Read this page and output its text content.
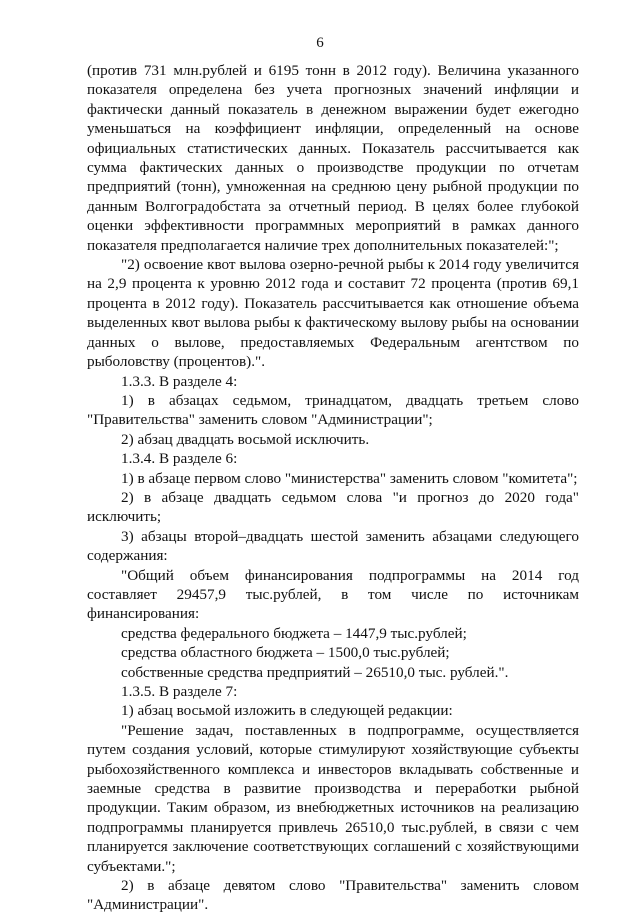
6

(против 731 млн.рублей и 6195 тонн в 2012 году). Величина указанного показателя определена без учета прогнозных значений инфляции и фактически данный показатель в денежном выражении будет ежегодно уменьшаться на коэффициент инфляции, определенный на основе официальных статистических данных. Показатель рассчитывается как сумма фактических данных о производстве продукции по отчетам предприятий (тонн), умноженная на среднюю цену рыбной продукции по данным Волгоградобстата за отчетный период. В целях более глубокой оценки эффективности программных мероприятий в рамках данного показателя предполагается наличие трех дополнительных показателей:";

"2) освоение квот вылова озерно-речной рыбы к 2014 году увеличится на 2,9 процента к уровню 2012 года и составит 72 процента (против 69,1 процента в 2012 году). Показатель рассчитывается как отношение объема выделенных квот вылова рыбы к фактическому вылову рыбы на основании данных о вылове, предоставляемых Федеральным агентством по рыболовству (процентов).".

1.3.3. В разделе 4:

1) в абзацах седьмом, тринадцатом, двадцать третьем слово "Правительства" заменить словом "Администрации";

2) абзац двадцать восьмой исключить.

1.3.4. В разделе 6:

1) в абзаце первом слово "министерства" заменить словом "комитета";

2) в абзаце двадцать седьмом слова "и прогноз до 2020 года" исключить;

3) абзацы второй–двадцать шестой заменить абзацами следующего содержания:

"Общий объем финансирования подпрограммы на 2014 год составляет 29457,9 тыс.рублей, в том числе по источникам финансирования:

средства федерального бюджета – 1447,9 тыс.рублей;

средства областного бюджета – 1500,0 тыс.рублей;

собственные средства предприятий – 26510,0 тыс. рублей.".

1.3.5. В разделе 7:

1) абзац восьмой изложить в следующей редакции:

"Решение задач, поставленных в подпрограмме, осуществляется путем создания условий, которые стимулируют хозяйствующие субъекты рыбохозяйственного комплекса и инвесторов вкладывать собственные и заемные средства в развитие производства и переработки рыбной продукции. Таким образом, из внебюджетных источников на реализацию подпрограммы планируется привлечь 26510,0 тыс.рублей, в связи с чем планируется заключение соответствующих соглашений с хозяйствующими субъектами.";

2) в абзаце девятом слово "Правительства" заменить словом "Администрации".
